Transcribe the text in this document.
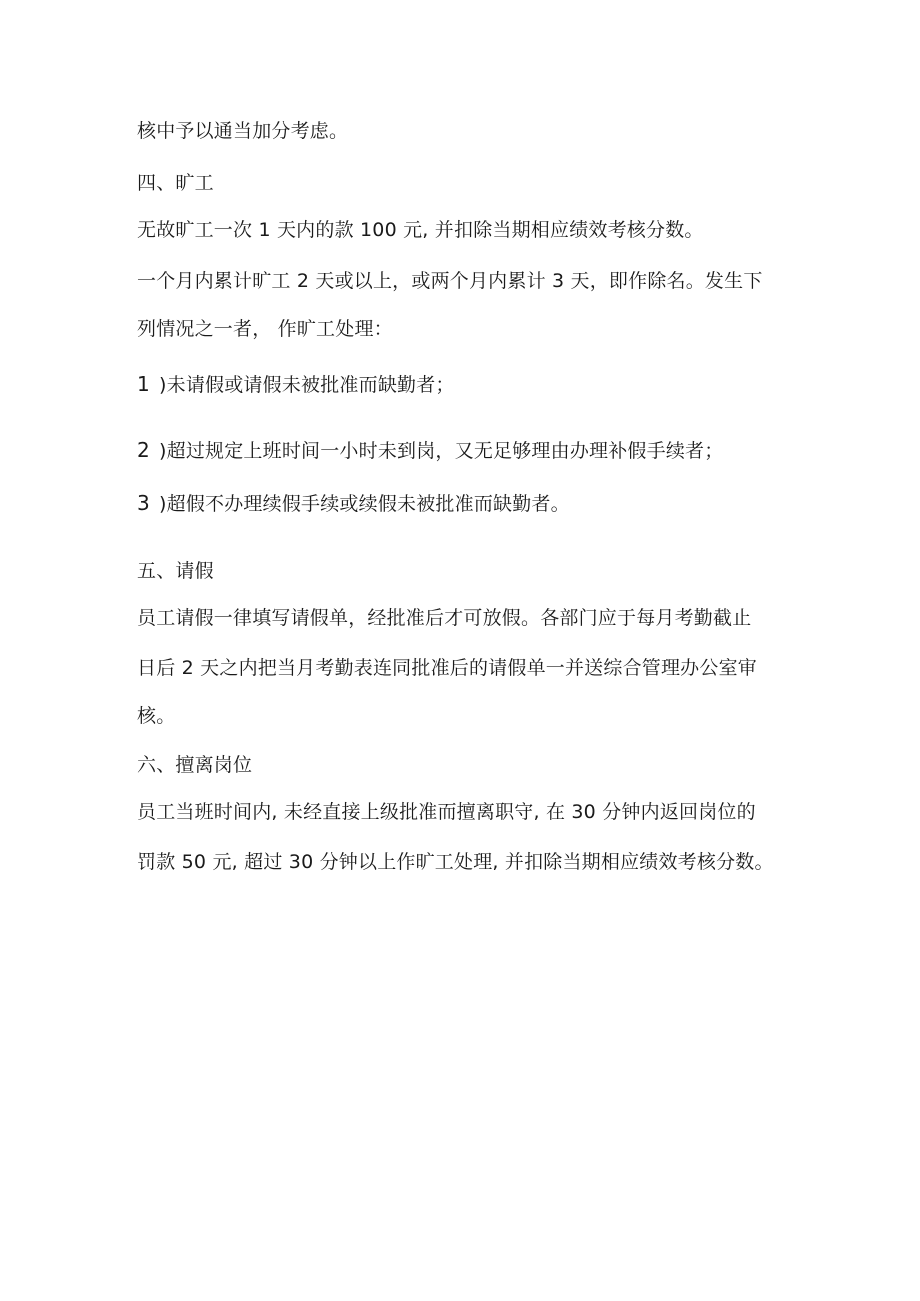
核中予以通当加分考虑。
四、旷工
无故旷工一次 1 天内的款 100 元, 并扣除当期相应绩效考核分数。
一个月内累计旷工 2 天或以上，或两个月内累计 3 天，即作除名。发生下
列情况之一者， 作旷工处理：
1 )未请假或请假未被批准而缺勤者；
2 )超过规定上班时间一小时未到岗，又无足够理由办理补假手续者；
3 )超假不办理续假手续或续假未被批准而缺勤者。
五、请假
员工请假一律填写请假单，经批准后才可放假。各部门应于每月考勤截止
日后 2 天之内把当月考勤表连同批准后的请假单一并送综合管理办公室审
核。
六、擅离岗位
员工当班时间内, 未经直接上级批准而擅离职守, 在 30 分钟内返回岗位的
罚款 50 元, 超过 30 分钟以上作旷工处理, 并扣除当期相应绩效考核分数。
